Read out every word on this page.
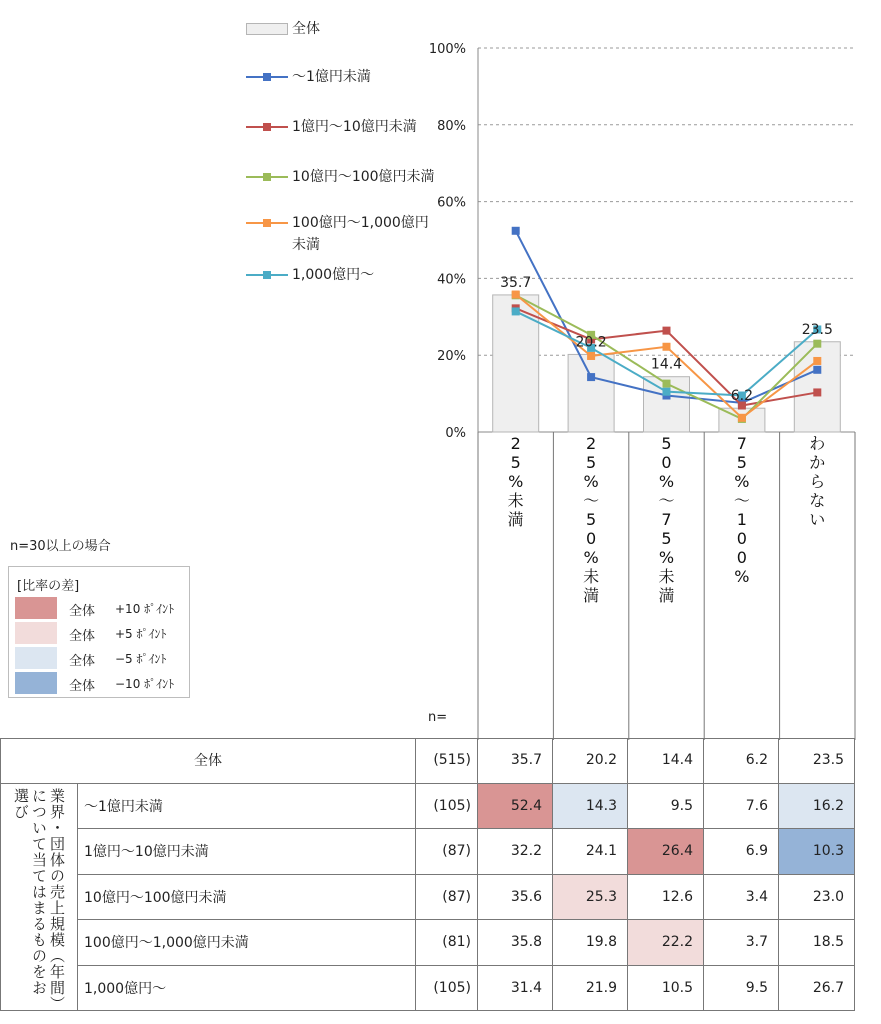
0%
20%
40%
60%
80%
100%
35.7
20.2
14.4
6.2
23.5
全体
〜1億円未満
1億円〜10億円未満
10億円〜100億円未満
100億円〜1,000億円
未満
1,000億円〜
n=30以上の場合
[比率の差]
全体 +10 ﾎﾟｲﾝﾄ
全体 +5 ﾎﾟｲﾝﾄ
全体 −5 ﾎﾟｲﾝﾄ
全体 −10 ﾎﾟｲﾝﾄ
2
5
%
未
満
2
5
%
〜
5
0
%
未
満
5
0
%
〜
7
5
%
未
満
7
5
%
〜
1
0
0
%
わ
か
ら
な
い
n=
全体	(515)	35.7	20.2	14.4	6.2	23.5
業界・団体の売上規模（年間）について当てはまるものをお選び	〜1億円未満	(105)	52.4	14.3	9.5	7.6	16.2
1億円〜10億円未満	(87)	32.2	24.1	26.4	6.9	10.3
10億円〜100億円未満	(87)	35.6	25.3	12.6	3.4	23.0
100億円〜1,000億円未満	(81)	35.8	19.8	22.2	3.7	18.5
1,000億円〜	(105)	31.4	21.9	10.5	9.5	26.7
